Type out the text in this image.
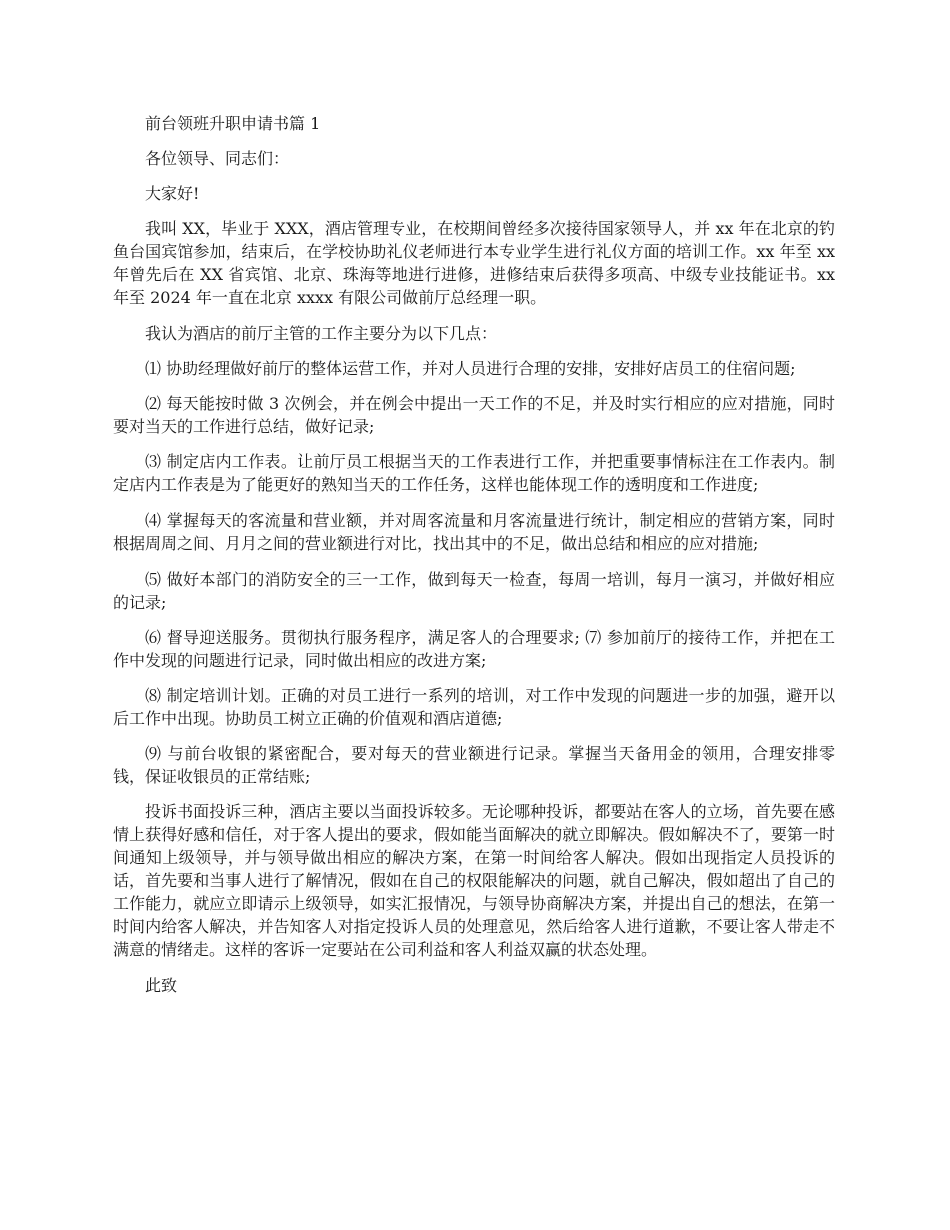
前台领班升职申请书篇 1

各位领导、同志们：

大家好!

我叫 XX，毕业于 XXX，酒店管理专业，在校期间曾经多次接待国家领导人，并 xx 年在北京的钓鱼台国宾馆参加，结束后，在学校协助礼仪老师进行本专业学生进行礼仪方面的培训工作。xx 年至 xx 年曾先后在 XX 省宾馆、北京、珠海等地进行进修，进修结束后获得多项高、中级专业技能证书。xx 年至 2024 年一直在北京 xxxx 有限公司做前厅总经理一职。

我认为酒店的前厅主管的工作主要分为以下几点：

⑴ 协助经理做好前厅的整体运营工作，并对人员进行合理的安排，安排好店员工的住宿问题;

⑵ 每天能按时做 3 次例会，并在例会中提出一天工作的不足，并及时实行相应的应对措施，同时要对当天的工作进行总结，做好记录;

⑶ 制定店内工作表。让前厅员工根据当天的工作表进行工作，并把重要事情标注在工作表内。制定店内工作表是为了能更好的熟知当天的工作任务，这样也能体现工作的透明度和工作进度;

⑷ 掌握每天的客流量和营业额，并对周客流量和月客流量进行统计，制定相应的营销方案，同时根据周周之间、月月之间的营业额进行对比，找出其中的不足，做出总结和相应的应对措施;

⑸ 做好本部门的消防安全的三一工作，做到每天一检查，每周一培训，每月一演习，并做好相应的记录;

⑹ 督导迎送服务。贯彻执行服务程序，满足客人的合理要求; ⑺ 参加前厅的接待工作，并把在工作中发现的问题进行记录，同时做出相应的改进方案;

⑻ 制定培训计划。正确的对员工进行一系列的培训，对工作中发现的问题进一步的加强，避开以后工作中出现。协助员工树立正确的价值观和酒店道德;

⑼ 与前台收银的紧密配合，要对每天的营业额进行记录。掌握当天备用金的领用，合理安排零钱，保证收银员的正常结账;

投诉书面投诉三种，酒店主要以当面投诉较多。无论哪种投诉，都要站在客人的立场，首先要在感情上获得好感和信任，对于客人提出的要求，假如能当面解决的就立即解决。假如解决不了，要第一时间通知上级领导，并与领导做出相应的解决方案，在第一时间给客人解决。假如出现指定人员投诉的话，首先要和当事人进行了解情况，假如在自己的权限能解决的问题，就自己解决，假如超出了自己的工作能力，就应立即请示上级领导，如实汇报情况，与领导协商解决方案，并提出自己的想法，在第一时间内给客人解决，并告知客人对指定投诉人员的处理意见，然后给客人进行道歉，不要让客人带走不满意的情绪走。这样的客诉一定要站在公司利益和客人利益双赢的状态处理。

此致
